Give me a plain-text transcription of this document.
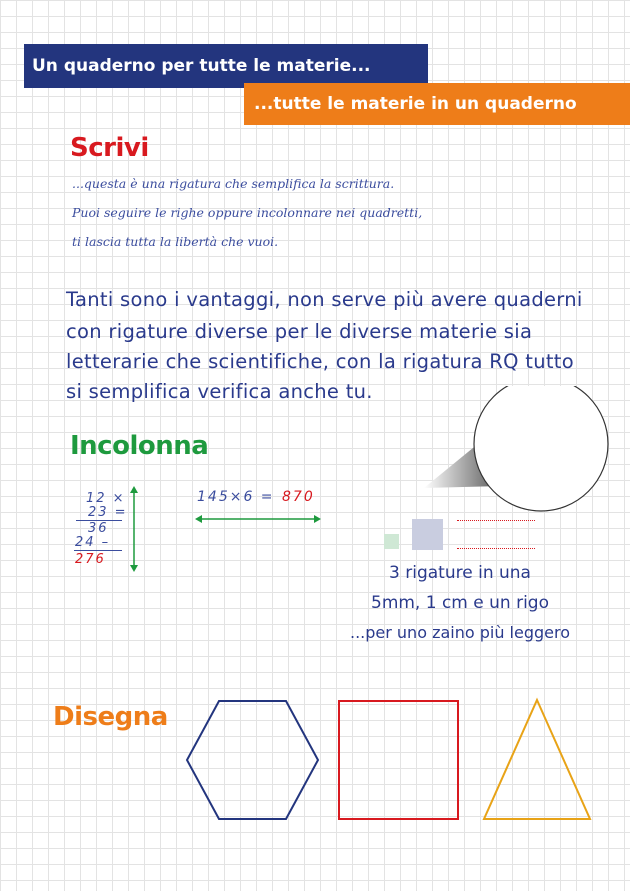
Un quaderno per tutte le materie...
...tutte le materie in un quaderno
Scrivi
...questa è una rigatura che semplifica la scrittura.
Puoi seguire le righe oppure incolonnare nei quadretti,
ti lascia tutta la libertà che vuoi.
Tanti sono i vantaggi, non serve più avere quaderni
con rigature diverse per le diverse materie sia
letterarie che scientifiche, con la rigatura RQ tutto
si semplifica verifica anche tu.
Incolonna
12 ×
23 =
36
24 –
276
145×6 = 870
3 rigature in una
5mm, 1 cm e un rigo
...per uno zaino più leggero
Disegna
